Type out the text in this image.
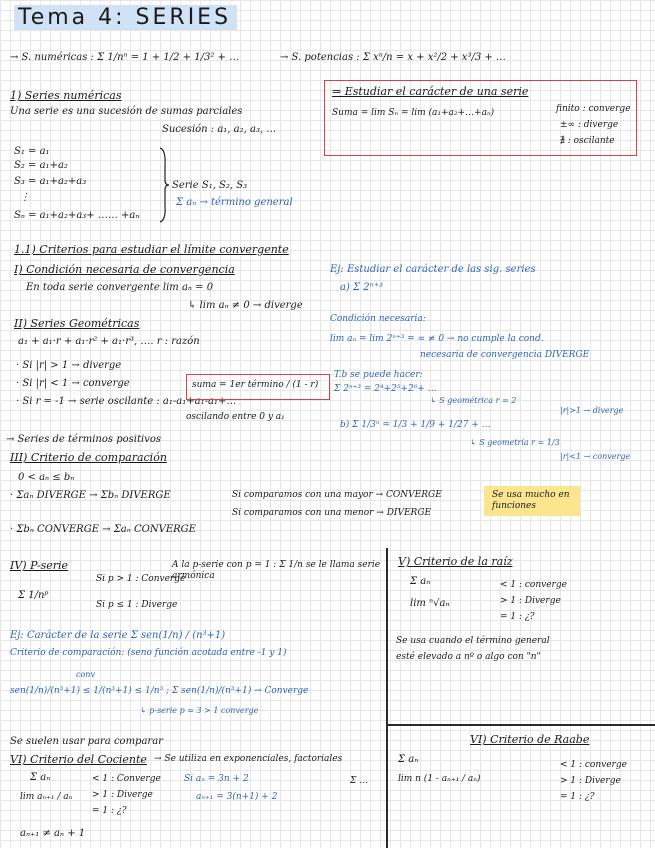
Tema 4: SERIES
→ S. numéricas : Σ 1/nⁿ = 1 + 1/2 + 1/3² + …	→ S. potencias : Σ xⁿ/n = x + x²/2 + x³/3 + …
1) Series numéricas
Una serie es una sucesión de sumas parciales
Sucesión : a₁, a₂, a₃, …
S₁ = a₁
S₂ = a₁+a₂
S₃ = a₁+a₂+a₃
⋮
Sₙ = a₁+a₂+a₃+ …… +aₙ
Serie S₁, S₂, S₃
Σ aₙ → término general
⇒ Estudiar el carácter de una serie
Suma = lim Sₙ = lim (a₁+a₂+…+aₙ)	finito : converge
±∞ : diverge
∄ : oscilante
1.1) Criterios para estudiar el límite convergente
I) Condición necesaria de convergencia
En toda serie convergente lim aₙ = 0
↳ lim aₙ ≠ 0 → diverge
II) Series Geométricas
a₁ + a₁·r + a₁·r² + a₁·r³, …. r : razón
· Si |r| > 1 → diverge
· Si |r| < 1 → converge
· Si r = -1 → serie oscilante : a₁-a₁+a₁-a₁+…
oscilando entre 0 y a₁
suma = 1er término / (1 - r)
Ej: Estudiar el carácter de las sig. series
a) Σ 2ⁿ⁺³
Condición necesaria:
lim aₙ = lim 2ⁿ⁺³ = ∞ ≠ 0 → no cumple la cond.
necesaria de convergencia DIVERGE
T.b se puede hacer:
Σ 2ⁿ⁺³ = 2⁴+2⁵+2⁶+ …
↳ S geométrica r = 2
|r|>1 → diverge
b) Σ 1/3ⁿ = 1/3 + 1/9 + 1/27 + …
↳ S geometría r = 1/3
|r|<1 → converge
→ Series de términos positivos
III) Criterio de comparación
0 < aₙ ≤ bₙ
· Σaₙ DIVERGE → Σbₙ DIVERGE
· Σbₙ CONVERGE → Σaₙ CONVERGE
Si comparamos con una mayor → CONVERGE
Si comparamos con una menor → DIVERGE
Se usa mucho en funciones
IV) P-serie
Σ 1/nᵖ
Si p > 1 : Converge
Si p ≤ 1 : Diverge
A la p-serie con p = 1 : Σ 1/n se le llama serie armónica
Ej: Carácter de la serie Σ sen(1/n) / (n³+1)
Criterio de comparación: (seno función acotada entre -1 y 1)
conv
sen(1/n)/(n³+1) ≤ 1/(n³+1) ≤ 1/n³ ; Σ sen(1/n)/(n³+1) → Converge
↳ p-serie p = 3 > 1 converge
Se suelen usar para comparar
V) Criterio de la raíz
Σ aₙ
lim ⁿ√aₙ
< 1 : converge
> 1 : Diverge
= 1 : ¿?
Se usa cuando el término general
esté elevado a nº o algo con "n"
VI) Criterio del Cociente → Se utiliza en exponenciales, factoriales
Σ aₙ
lim aₙ₊₁ / aₙ
< 1 : Converge
> 1 : Diverge
= 1 : ¿?
Si aₙ = 3n + 2
aₙ₊₁ = 3(n+1) + 2
aₙ₊₁ ≠ aₙ + 1
Σ …
VI) Criterio de Raabe
Σ aₙ
lim n (1 - aₙ₊₁ / aₙ)
< 1 : converge
> 1 : Diverge
= 1 : ¿?
